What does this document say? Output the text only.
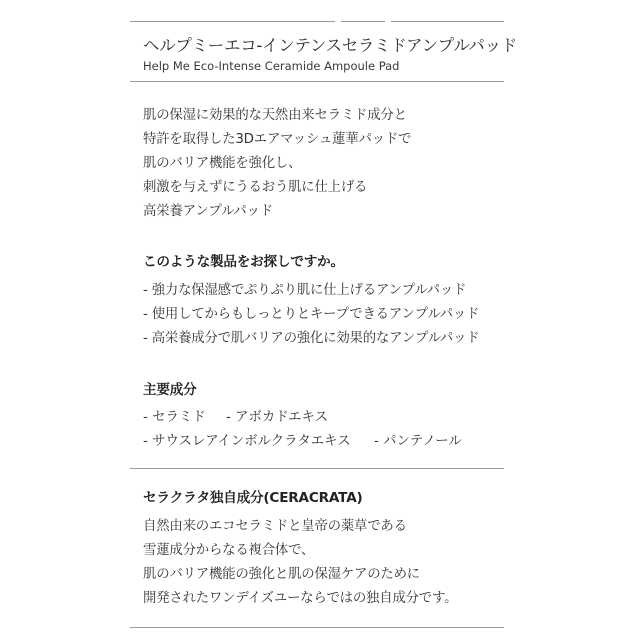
ヘルプミーエコ-インテンスセラミドアンプルパッド
Help Me Eco-Intense Ceramide Ampoule Pad
肌の保湿に効果的な天然由来セラミド成分と
特許を取得した3Dエアマッシュ蓮華パッドで
肌のバリア機能を強化し、
刺激を与えずにうるおう肌に仕上げる
高栄養アンプルパッド
このような製品をお探しですか。
- 強力な保湿感でぷりぷり肌に仕上げるアンプルパッド
- 使用してからもしっとりとキープできるアンプルパッド
- 高栄養成分で肌バリアの強化に効果的なアンプルパッド
主要成分
- セラミド - アボカドエキス
- サウスレアインボルクラタエキス - パンテノール
セラクラタ独自成分(CERACRATA)
自然由来のエコセラミドと皇帝の薬草である
雪蓮成分からなる複合体で、
肌のバリア機能の強化と肌の保湿ケアのために
開発されたワンデイズユーならではの独自成分です。
